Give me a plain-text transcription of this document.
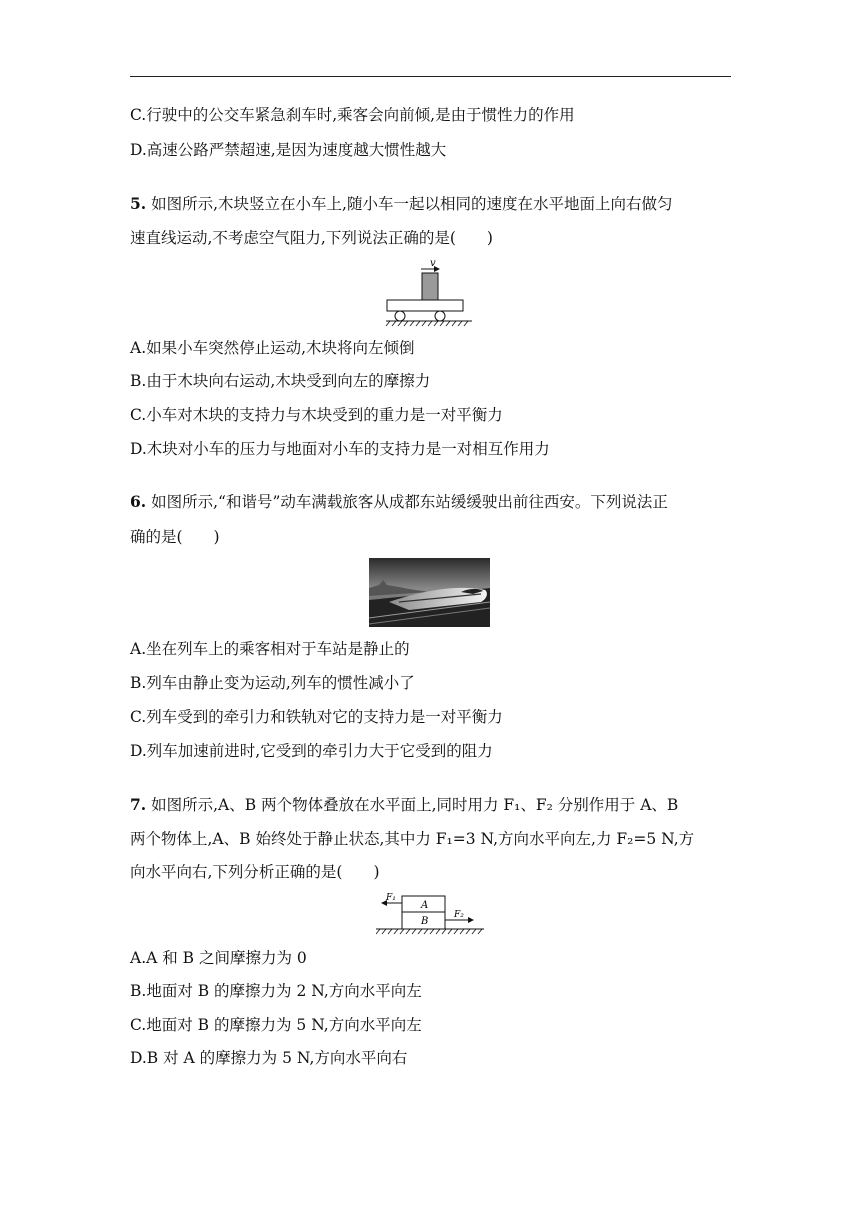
C.行驶中的公交车紧急刹车时,乘客会向前倾,是由于惯性力的作用
D.高速公路严禁超速,是因为速度越大惯性越大
5. 如图所示,木块竖立在小车上,随小车一起以相同的速度在水平地面上向右做匀
速直线运动,不考虑空气阻力,下列说法正确的是(　　)
v
A.如果小车突然停止运动,木块将向左倾倒
B.由于木块向右运动,木块受到向左的摩擦力
C.小车对木块的支持力与木块受到的重力是一对平衡力
D.木块对小车的压力与地面对小车的支持力是一对相互作用力
6. 如图所示,“和谐号”动车满载旅客从成都东站缓缓驶出前往西安。下列说法正
确的是(　　)
A.坐在列车上的乘客相对于车站是静止的
B.列车由静止变为运动,列车的惯性减小了
C.列车受到的牵引力和铁轨对它的支持力是一对平衡力
D.列车加速前进时,它受到的牵引力大于它受到的阻力
7. 如图所示,A、B 两个物体叠放在水平面上,同时用力 F₁、F₂ 分别作用于 A、B
两个物体上,A、B 始终处于静止状态,其中力 F₁=3 N,方向水平向左,力 F₂=5 N,方
向水平向右,下列分析正确的是(　　)
A
B
F₁
F₂
A.A 和 B 之间摩擦力为 0
B.地面对 B 的摩擦力为 2 N,方向水平向左
C.地面对 B 的摩擦力为 5 N,方向水平向左
D.B 对 A 的摩擦力为 5 N,方向水平向右
